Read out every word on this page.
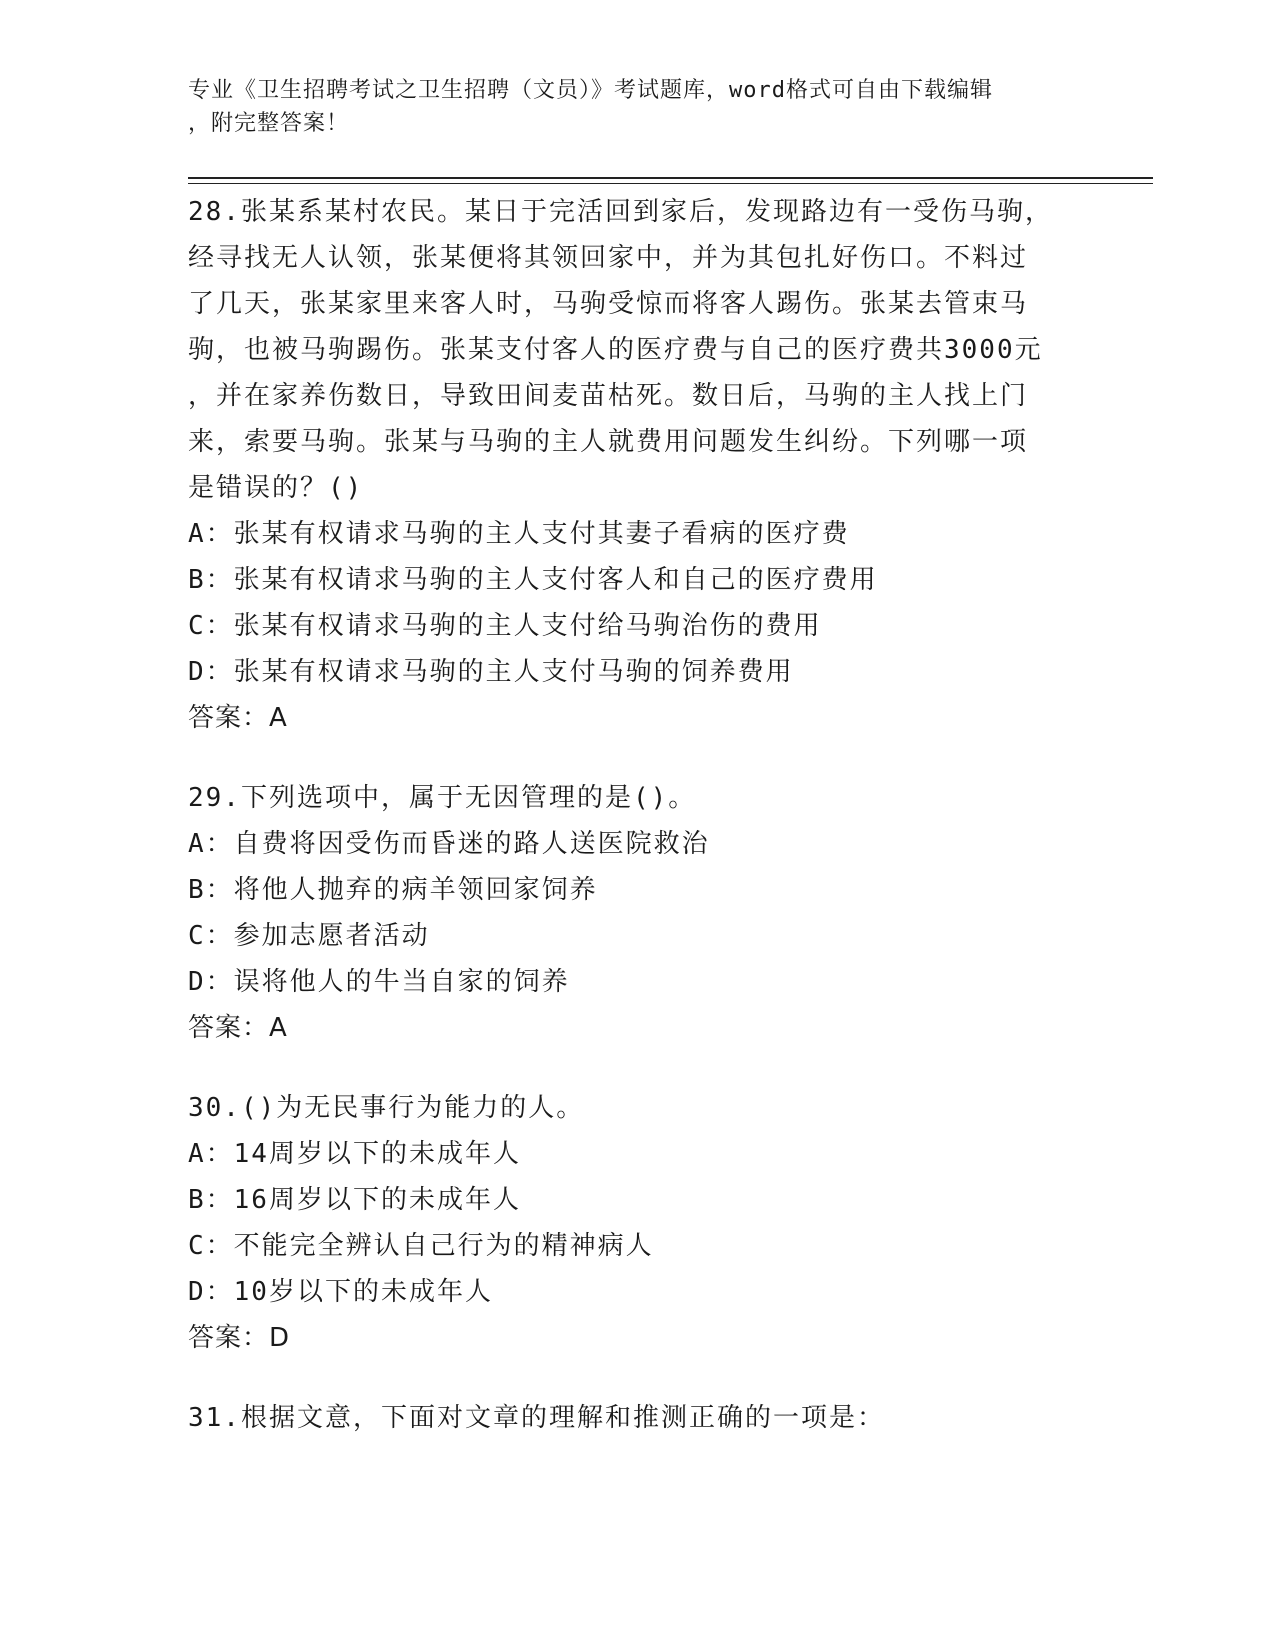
专业《卫生招聘考试之卫生招聘（文员）》考试题库，word格式可自由下载编辑
，附完整答案！

28.张某系某村农民。某日于完活回到家后，发现路边有一受伤马驹，

经寻找无人认领，张某便将其领回家中，并为其包扎好伤口。不料过

了几天，张某家里来客人时，马驹受惊而将客人踢伤。张某去管束马

驹，也被马驹踢伤。张某支付客人的医疗费与自己的医疗费共3000元

，并在家养伤数日，导致田间麦苗枯死。数日后，马驹的主人找上门

来，索要马驹。张某与马驹的主人就费用问题发生纠纷。下列哪一项

是错误的？()

A：张某有权请求马驹的主人支付其妻子看病的医疗费

B：张某有权请求马驹的主人支付客人和自己的医疗费用

C：张某有权请求马驹的主人支付给马驹治伤的费用

D：张某有权请求马驹的主人支付马驹的饲养费用

答案：A

29.下列选项中，属于无因管理的是()。

A：自费将因受伤而昏迷的路人送医院救治

B：将他人抛弃的病羊领回家饲养

C：参加志愿者活动

D：误将他人的牛当自家的饲养

答案：A

30.()为无民事行为能力的人。

A：14周岁以下的未成年人

B：16周岁以下的未成年人

C：不能完全辨认自己行为的精神病人

D：10岁以下的未成年人

答案：D

31.根据文意，下面对文章的理解和推测正确的一项是：
